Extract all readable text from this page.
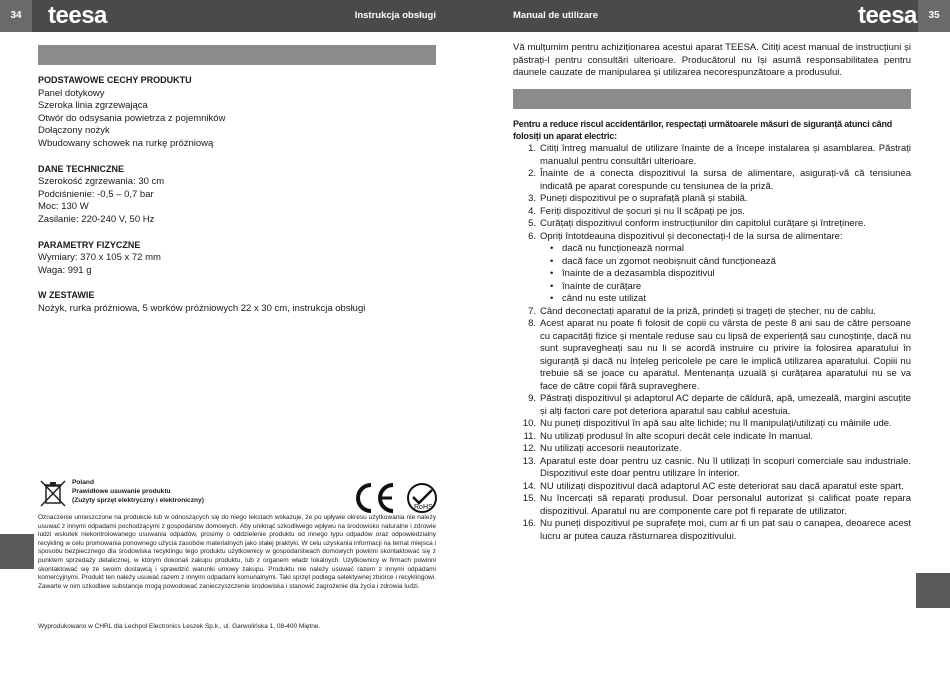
34	teesa	Instrukcja obsługi	Manual de utilizare	teesa	35
PODSTAWOWE CECHY PRODUKTU
Panel dotykowy
Szeroka linia zgrzewająca
Otwór do odsysania powietrza z pojemników
Dołączony nożyk
Wbudowany schowek na rurkę próżniową
DANE TECHNICZNE
Szerokość zgrzewania: 30 cm
Podciśnienie: -0,5 – 0,7 bar
Moc: 130 W
Zasilanie: 220-240 V, 50 Hz
PARAMETRY FIZYCZNE
Wymiary: 370 x 105 x 72 mm
Waga: 991 g
W ZESTAWIE
Nożyk, rurka próżniowa, 5 worków próżniowych 22 x 30 cm, instrukcja obsługi
Poland
Prawidłowe usuwanie produktu
(Zużyty sprzęt elektryczny i elektroniczny)
RoHS
Oznaczenie umieszczone na produkcie lub w odnoszących się do niego tekstach wskazuje, że po upływie okresu użytkowania nie należy usuwać z innymi odpadami pochodzącymi z gospodarstw domowych. Aby uniknąć szkodliwego wpływu na środowisko naturalne i zdrowie ludzi wskutek niekontrolowanego usuwania odpadów, prosimy o oddzielenie produktu od innego typu odpadów oraz odpowiedzialny recykling w celu promowania ponownego użycia zasobów materialnych jako stałej praktyki. W celu uzyskania informacji na temat miejsca i sposobu bezpiecznego dla środowiska recyklingu tego produktu użytkownicy w gospodarstwach domowych powinni skontaktować się z punktem sprzedaży detalicznej, w którym dokonali zakupu produktu, lub z organem władz lokalnych. Użytkownicy w firmach powinni skontaktować się ze swoim dostawcą i sprawdzić warunki umowy zakupu. Produktu nie należy usuwać razem z innymi odpadami komercyjnymi. Produkt ten należy usuwać razem z innymi odpadami komunalnymi. Taki sprzęt podlega selektywnej zbiórce i recyklingowi. Zawarte w nim szkodliwe substancje mogą powodować zanieczyszczenie środowiska i stanowić zagrożenie dla życia i zdrowia ludzi.
Wyprodukowano w CHRL dla Lechpol Electronics Leszek Sp.k., ul. Garwolińska 1, 08-400 Miętne.
Vă mulțumim pentru achiziționarea acestui aparat TEESA. Citiți acest manual de instrucțiuni și păstrați-l pentru consultări ulterioare. Producătorul nu își asumă responsabilitatea pentru daunele cauzate de manipularea și utilizarea necorespunzătoare a produsului.
Pentru a reduce riscul accidentărilor, respectați următoarele măsuri de siguranță atunci când folosiți un aparat electric:
1. Citiți întreg manualul de utilizare înainte de a începe instalarea și asamblarea. Păstrați manualul pentru consultări ulterioare.
2. Înainte de a conecta dispozitivul la sursa de alimentare, asigurați-vă că tensiunea indicată pe aparat corespunde cu tensiunea de la priză.
3. Puneți dispozitivul pe o suprafață plană și stabilă.
4. Feriți dispozitivul de șocuri și nu îl scăpați pe jos.
5. Curățați dispozitivul conform instrucțiunilor din capitolul curățare și întreținere.
6. Opriți întotdeauna dispozitivul și deconectați-l de la sursa de alimentare:
• dacă nu funcționează normal
• dacă face un zgomot neobișnuit când funcționează
• înainte de a dezasambla dispozitivul
• înainte de curățare
• când nu este utilizat
7. Când deconectați aparatul de la priză, prindeți și trageți de ștecher, nu de cablu.
8. Acest aparat nu poate fi folosit de copii cu vârsta de peste 8 ani sau de către persoane cu capacități fizice și mentale reduse sau cu lipsă de experiență sau cunoștințe, dacă nu sunt supravegheați sau nu li se acordă instruire cu privire la folosirea aparatului în siguranță și dacă nu înțeleg pericolele pe care le implică utilizarea aparatului. Copiii nu trebuie să se joace cu aparatul. Mentenanța uzuală și curățarea aparatului nu se va face de către copii fără supraveghere.
9. Păstrați dispozitivul și adaptorul AC departe de căldură, apă, umezeală, margini ascuțite și alți factori care pot deteriora aparatul sau cablul acestuia.
10. Nu puneți dispozitivul în apă sau alte lichide; nu îl manipulați/utilizați cu mâinile ude.
11. Nu utilizați produsul în alte scopuri decât cele indicate în manual.
12. Nu utilizați accesorii neautorizate.
13. Aparatul este doar pentru uz casnic. Nu îl utilizați în scopuri comerciale sau industriale. Dispozitivul este doar pentru utilizare în interior.
14. NU utilizați dispozitivul dacă adaptorul AC este deteriorat sau dacă aparatul este spart.
15. Nu încercați să reparați produsul. Doar personalul autorizat și calificat poate repara dispozitivul. Aparatul nu are componente care pot fi reparate de utilizator.
16. Nu puneți dispozitivul pe suprafețe moi, cum ar fi un pat sau o canapea, deoarece acest lucru ar putea cauza răsturnarea dispozitivului.
